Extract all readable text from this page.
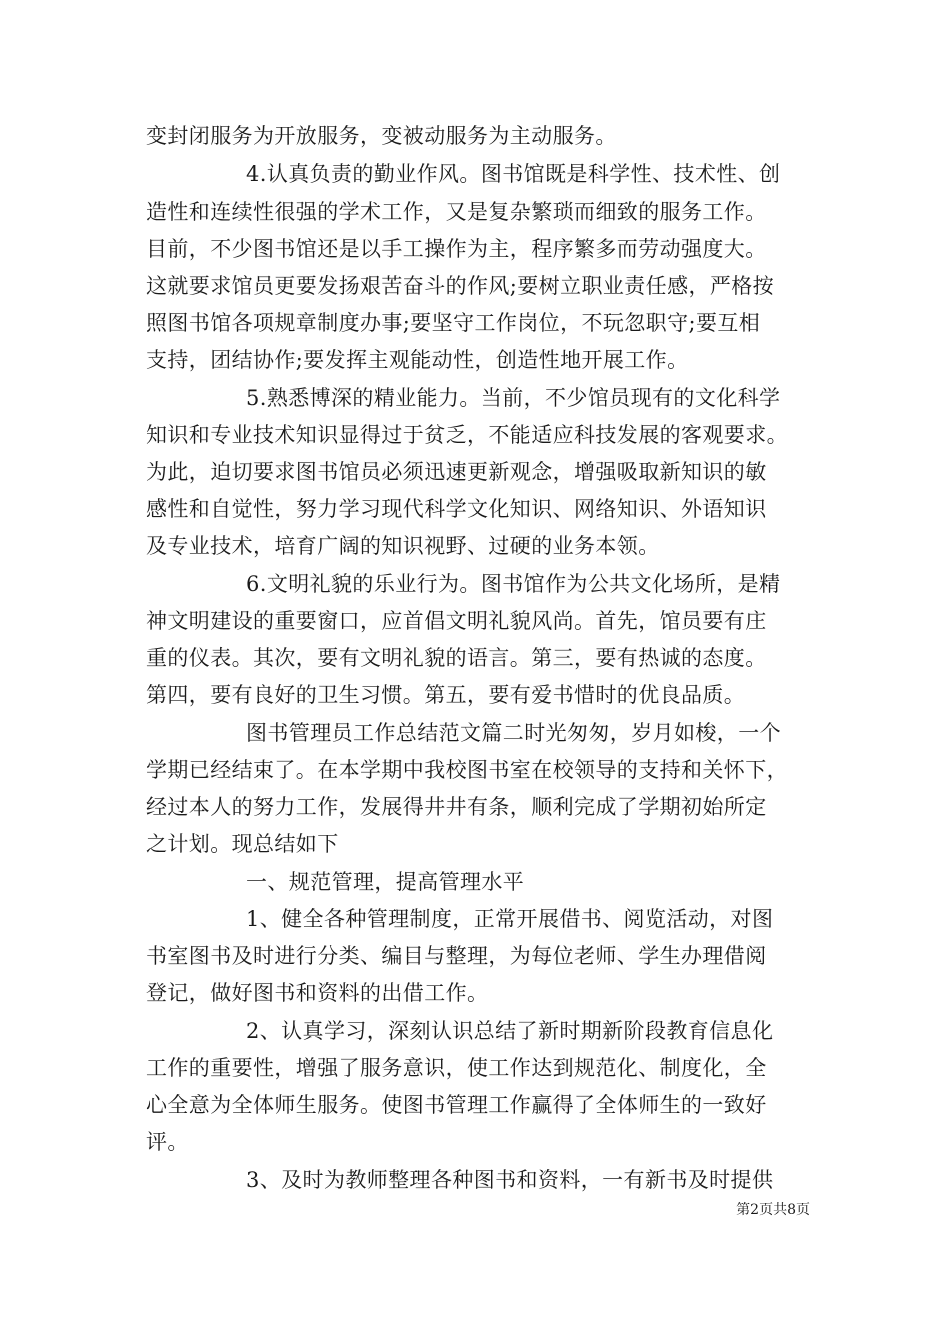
变封闭服务为开放服务，变被动服务为主动服务。
4.认真负责的勤业作风。图书馆既是科学性、技术性、创
造性和连续性很强的学术工作，又是复杂繁琐而细致的服务工作。
目前，不少图书馆还是以手工操作为主，程序繁多而劳动强度大。
这就要求馆员更要发扬艰苦奋斗的作风;要树立职业责任感，严格按
照图书馆各项规章制度办事;要坚守工作岗位，不玩忽职守;要互相
支持，团结协作;要发挥主观能动性，创造性地开展工作。
5.熟悉博深的精业能力。当前，不少馆员现有的文化科学
知识和专业技术知识显得过于贫乏，不能适应科技发展的客观要求。
为此，迫切要求图书馆员必须迅速更新观念，增强吸取新知识的敏
感性和自觉性，努力学习现代科学文化知识、网络知识、外语知识
及专业技术，培育广阔的知识视野、过硬的业务本领。
6.文明礼貌的乐业行为。图书馆作为公共文化场所，是精
神文明建设的重要窗口，应首倡文明礼貌风尚。首先，馆员要有庄
重的仪表。其次，要有文明礼貌的语言。第三，要有热诚的态度。
第四，要有良好的卫生习惯。第五，要有爱书惜时的优良品质。
图书管理员工作总结范文篇二时光匆匆，岁月如梭，一个
学期已经结束了。在本学期中我校图书室在校领导的支持和关怀下，
经过本人的努力工作，发展得井井有条，顺利完成了学期初始所定
之计划。现总结如下
一、规范管理，提高管理水平
1、健全各种管理制度，正常开展借书、阅览活动，对图
书室图书及时进行分类、编目与整理，为每位老师、学生办理借阅
登记，做好图书和资料的出借工作。
2、认真学习，深刻认识总结了新时期新阶段教育信息化
工作的重要性，增强了服务意识，使工作达到规范化、制度化，全
心全意为全体师生服务。使图书管理工作赢得了全体师生的一致好
评。
3、及时为教师整理各种图书和资料，一有新书及时提供
第2页共8页
